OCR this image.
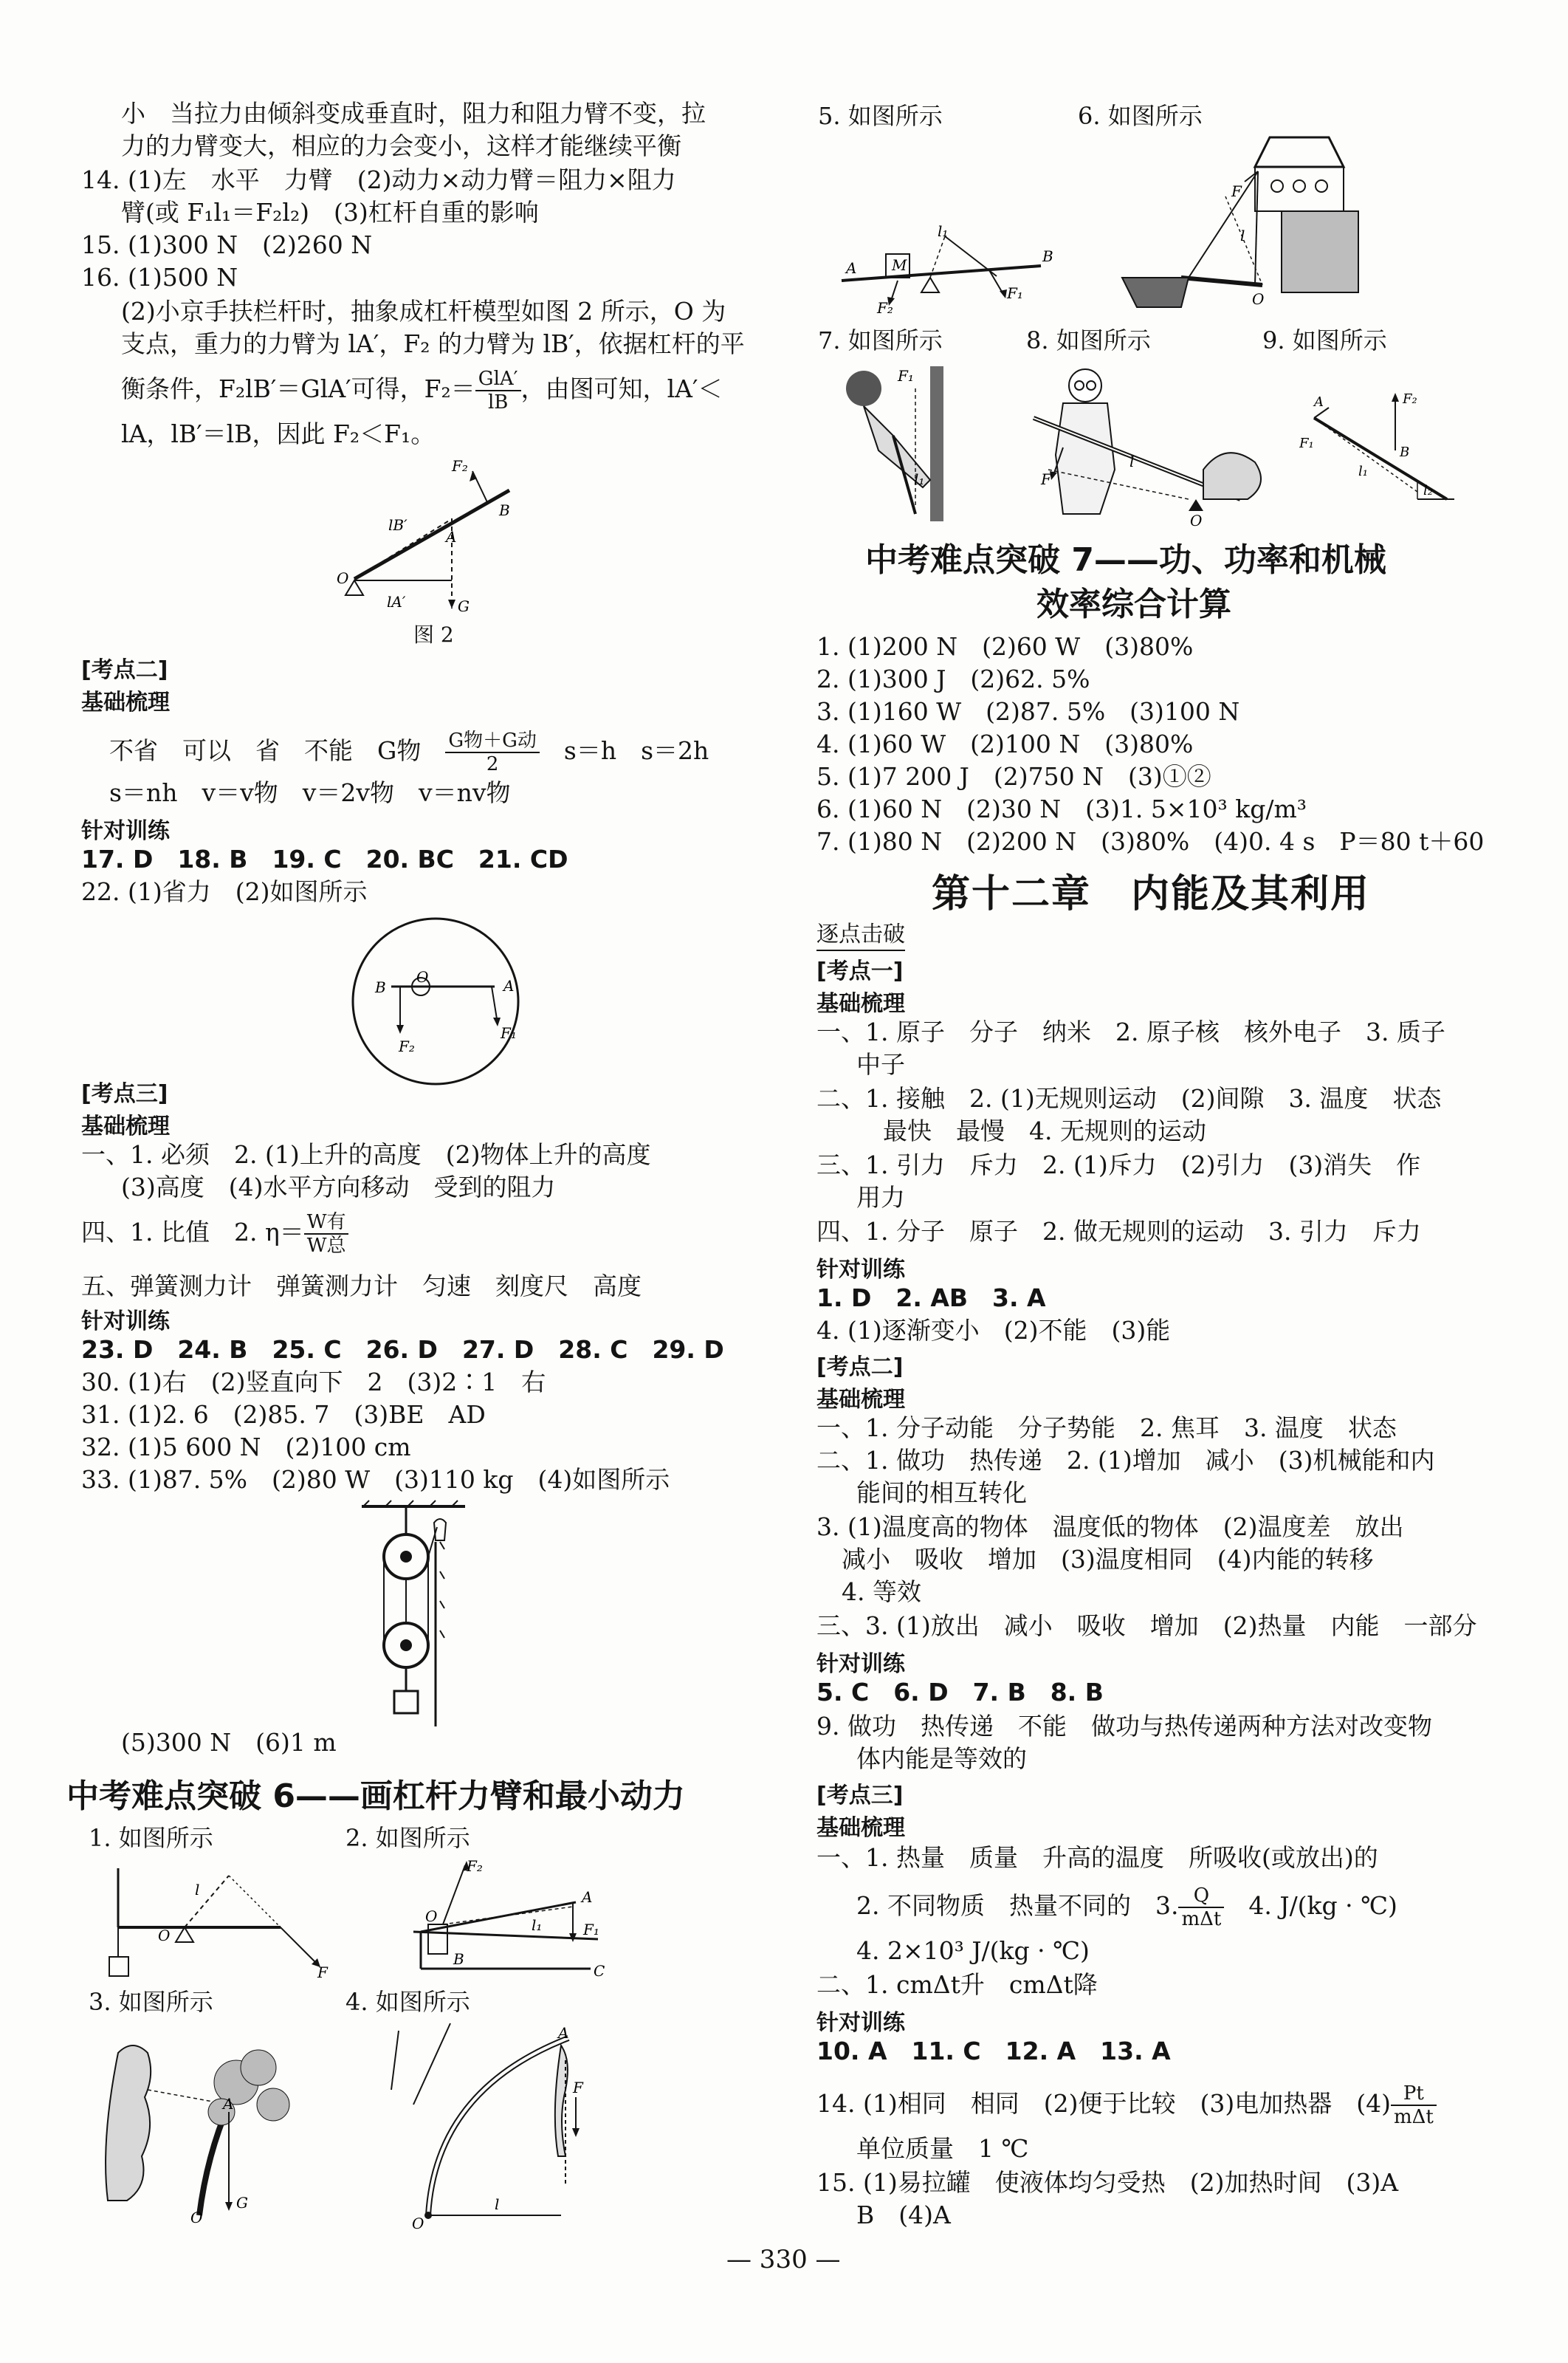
小　当拉力由倾斜变成垂直时，阻力和阻力臂不变，拉
力的力臂变大，相应的力会变小，这样才能继续平衡
14. (1)左　水平　力臂　(2)动力×动力臂＝阻力×阻力
臂(或 F₁l₁＝F₂l₂)　(3)杠杆自重的影响
15. (1)300 N　(2)260 N
16. (1)500 N
(2)小京手扶栏杆时，抽象成杠杆模型如图 2 所示，O 为
支点，重力的力臂为 lA′，F₂ 的力臂为 lB′，依据杠杆的平
衡条件，F₂lB′＝GlA′可得，$F_2= \frac{\text{GlA′}}{lB}$ ，由图可知，lA′＜
lA，lB′＝lB，因此 F₂＜F₁。
F₂
B
lB′
A
O
lA′	G
图 2
[考点二]
基础梳理
不省　可以　省　不能　G物　 $\frac{\text{G物＋G动}}{2}$ 　s＝h　s＝2h
s＝nh　v＝v物　v＝2v物　v＝nv物
针对训练
17. D　18. B　19. C　20. BC　21. CD
22. (1)省力　(2)如图所示
B
O	A
F₂
F₁
[考点三]
基础梳理
一、1. 必须　2. (1)上升的高度　(2)物体上升的高度
(3)高度　(4)水平方向移动　受到的阻力
四、1. 比值　2. $\eta= \frac{\text{W有}}{\text{W总}}$
五、弹簧测力计　弹簧测力计　匀速　刻度尺　高度
针对训练
23. D　24. B　25. C　26. D　27. D　28. C　29. D
30. (1)右　(2)竖直向下　2　(3)2∶1　右
31. (1)2. 6　(2)85. 7　(3)BE　AD
32. (1)5 600 N　(2)100 cm
33. (1)87. 5%　(2)80 W　(3)110 kg　(4)如图所示
(5)300 N　(6)1 m
中考难点突破 6——画杠杆力臂和最小动力
1. 如图所示	2. 如图所示
l
O
F
F₂
A
O	l₁	F₁
B
C
3. 如图所示	4. 如图所示
A
O
G
A
F
O
l
5. 如图所示	6. 如图所示
A M
l₁
B
F₂
F₁
F
l
O
7. 如图所示	8. 如图所示	9. 如图所示
F₁
l₁	F
l
O
A
F₁
F₂
B
l₁
l₂
中考难点突破 7——功、功率和机械
效率综合计算
1. (1)200 N　(2)60 W　(3)80%
2. (1)300 J　(2)62. 5%
3. (1)160 W　(2)87. 5%　(3)100 N
4. (1)60 W　(2)100 N　(3)80%
5. (1)7 200 J　(2)750 N　(3)①②
6. (1)60 N　(2)30 N　(3)1. 5×10³ kg/m³
7. (1)80 N　(2)200 N　(3)80%　(4)0. 4 s　P＝80 t＋60
第十二章　内能及其利用
逐点击破
[考点一]
基础梳理
一、1. 原子　分子　纳米　2. 原子核　核外电子　3. 质子
中子
二、1. 接触　2. (1)无规则运动　(2)间隙　3. 温度　状态
最快　最慢　4. 无规则的运动
三、1. 引力　斥力　2. (1)斥力　(2)引力　(3)消失　作
用力
四、1. 分子　原子　2. 做无规则的运动　3. 引力　斥力
针对训练
1. D　2. AB　3. A
4. (1)逐渐变小　(2)不能　(3)能
[考点二]
基础梳理
一、1. 分子动能　分子势能　2. 焦耳　3. 温度　状态
二、1. 做功　热传递　2. (1)增加　减小　(3)机械能和内
能间的相互转化
3. (1)温度高的物体　温度低的物体　(2)温度差　放出
减小　吸收　增加　(3)温度相同　(4)内能的转移
4. 等效
三、3. (1)放出　减小　吸收　增加　(2)热量　内能　一部分
针对训练
5. C　6. D　7. B　8. B
9. 做功　热传递　不能　做功与热传递两种方法对改变物
体内能是等效的
[考点三]
基础梳理
一、1. 热量　质量　升高的温度　所吸收(或放出)的
2. 不同物质　热量不同的　3. $\frac{Q}{\text{mΔt}}$ 　4. J/(kg · ℃)
4. 2×10³ J/(kg · ℃)
二、1. cmΔt升　cmΔt降
针对训练
10. A　11. C　12. A　13. A
14. (1)相同　相同　(2)便于比较　(3)电加热器　$(4) \frac{Pt}{\text{mΔt}}$
单位质量　1 ℃
15. (1)易拉罐　使液体均匀受热　(2)加热时间　(3)A
B　(4)A
— 330 —
